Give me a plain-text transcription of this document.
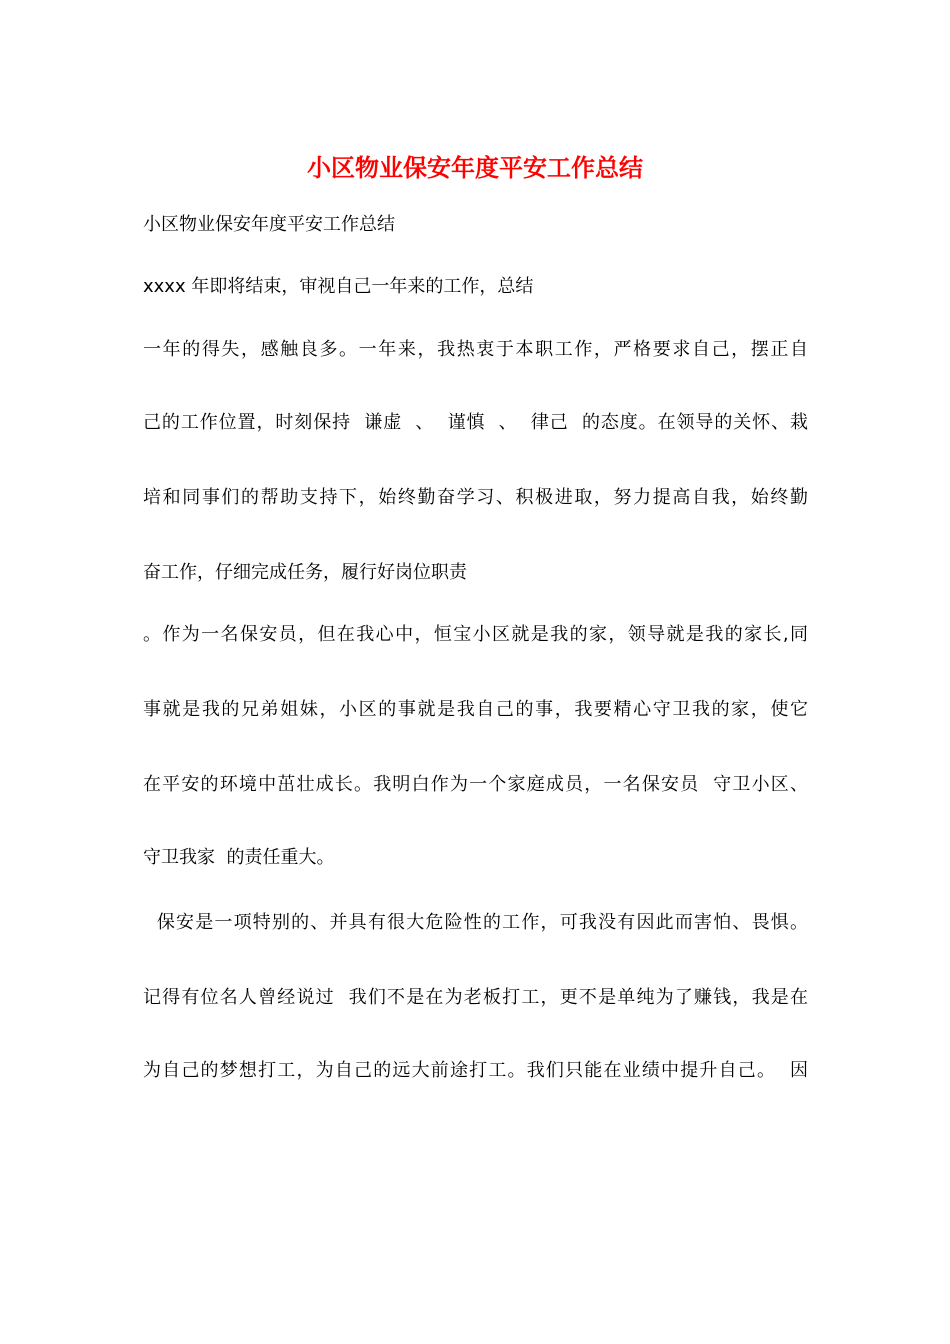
小区物业保安年度平安工作总结

小区物业保安年度平安工作总结

xxxx 年即将结束，审视自己一年来的工作，总结

一年的得失，感触良多。一年来，我热衷于本职工作，严格要求自己，摆正自

己的工作位置，时刻保持  谦虚  、  谨慎  、  律己  的态度。在领导的关怀、栽

培和同事们的帮助支持下，始终勤奋学习、积极进取，努力提高自我，始终勤

奋工作，仔细完成任务，履行好岗位职责

。作为一名保安员，但在我心中，恒宝小区就是我的家，领导就是我的家长,同

事就是我的兄弟姐妹，小区的事就是我自己的事，我要精心守卫我的家，使它

在平安的环境中茁壮成长。我明白作为一个家庭成员，一名保安员  守卫小区、

守卫我家  的责任重大。

保安是一项特别的、并具有很大危险性的工作，可我没有因此而害怕、畏惧。

记得有位名人曾经说过  我们不是在为老板打工，更不是单纯为了赚钱，我是在

为自己的梦想打工，为自己的远大前途打工。我们只能在业绩中提升自己。  因
